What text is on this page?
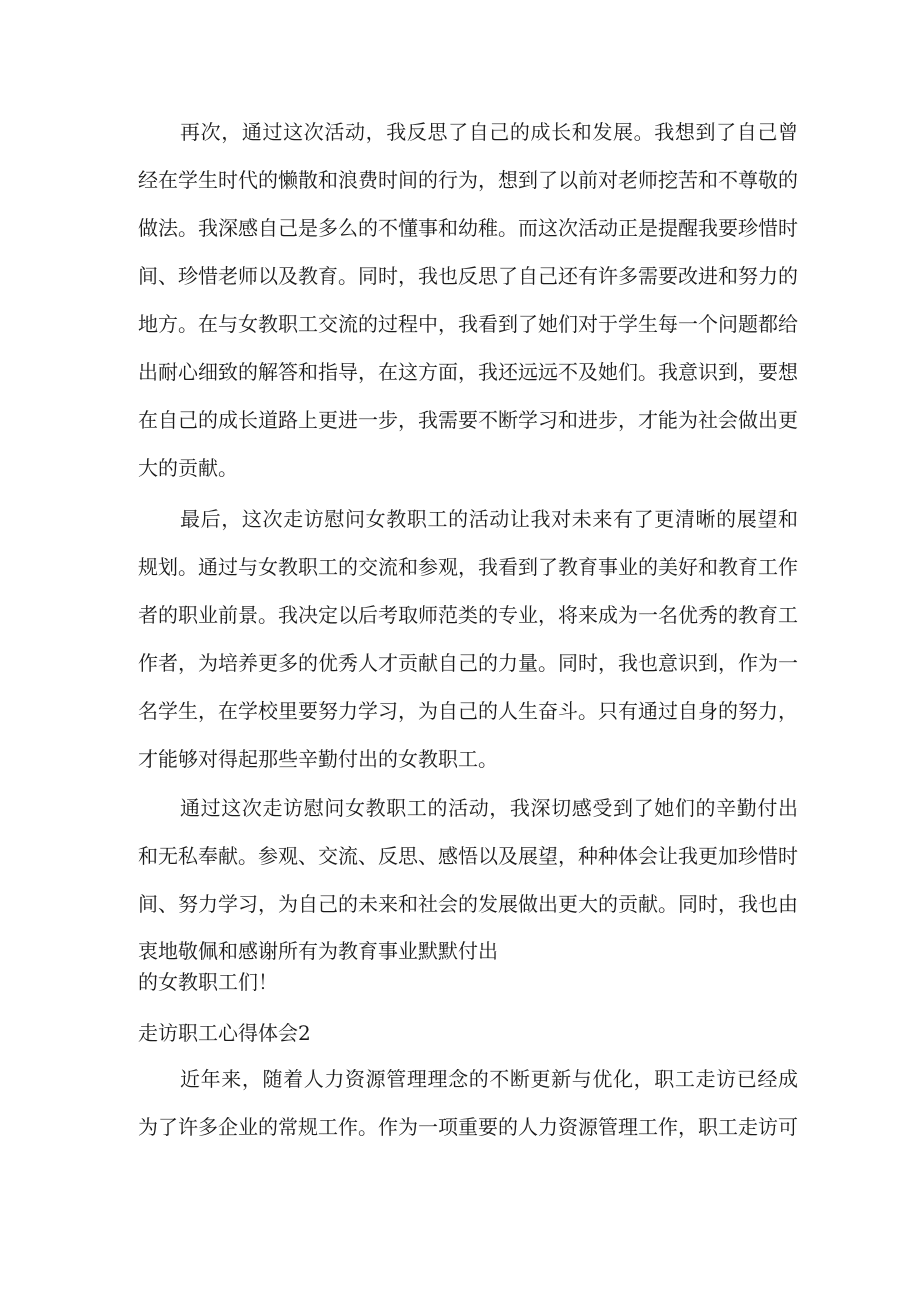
再次，通过这次活动，我反思了自己的成长和发展。我想到了自己曾
经在学生时代的懒散和浪费时间的行为，想到了以前对老师挖苦和不尊敬的
做法。我深感自己是多么的不懂事和幼稚。而这次活动正是提醒我要珍惜时
间、珍惜老师以及教育。同时，我也反思了自己还有许多需要改进和努力的
地方。在与女教职工交流的过程中，我看到了她们对于学生每一个问题都给
出耐心细致的解答和指导，在这方面，我还远远不及她们。我意识到，要想
在自己的成长道路上更进一步，我需要不断学习和进步，才能为社会做出更
大的贡献。
最后，这次走访慰问女教职工的活动让我对未来有了更清晰的展望和
规划。通过与女教职工的交流和参观，我看到了教育事业的美好和教育工作
者的职业前景。我决定以后考取师范类的专业，将来成为一名优秀的教育工
作者，为培养更多的优秀人才贡献自己的力量。同时，我也意识到，作为一
名学生，在学校里要努力学习，为自己的人生奋斗。只有通过自身的努力，
才能够对得起那些辛勤付出的女教职工。
通过这次走访慰问女教职工的活动，我深切感受到了她们的辛勤付出
和无私奉献。参观、交流、反思、感悟以及展望，种种体会让我更加珍惜时
间、努力学习，为自己的未来和社会的发展做出更大的贡献。同时，我也由
衷地敬佩和感谢所有为教育事业默默付出
的女教职工们！
走访职工心得体会2
近年来，随着人力资源管理理念的不断更新与优化，职工走访已经成
为了许多企业的常规工作。作为一项重要的人力资源管理工作，职工走访可
